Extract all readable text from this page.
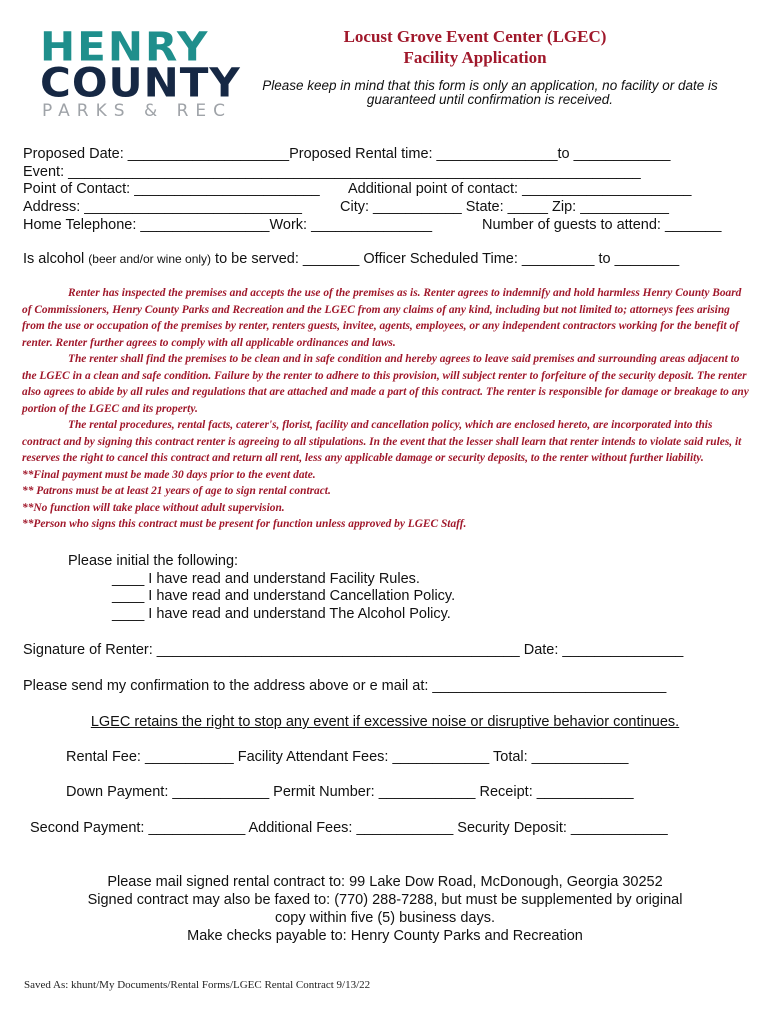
HENRY
COUNTY
PARKS & REC
Locust Grove Event Center (LGEC)
Facility Application
Please keep in mind that this form is only an application, no facility or date is guaranteed until confirmation is received.
Proposed Date: ____________________Proposed Rental time: _______________to ____________
Event: _______________________________________________________________________
Point of Contact: _______________________ Additional point of contact: _____________________
Address: ___________________________	City: ___________ State: _____ Zip: ___________
Home Telephone: ________________Work: _______________	Number of guests to attend: _______
Is alcohol (beer and/or wine only) to be served: _______ Officer Scheduled Time: _________ to ________

Renter has inspected the premises and accepts the use of the premises as is. Renter agrees to indemnify and hold harmless Henry County Board of Commissioners, Henry County Parks and Recreation and the LGEC from any claims of any kind, including but not limited to; attorneys fees arising from the use or occupation of the premises by renter, renters guests, invitee, agents, employees, or any independent contractors working for the benefit of renter. Renter further agrees to comply with all applicable ordinances and laws.

The renter shall find the premises to be clean and in safe condition and hereby agrees to leave said premises and surrounding areas adjacent to the LGEC in a clean and safe condition. Failure by the renter to adhere to this provision, will subject renter to forfeiture of the security deposit. The renter also agrees to abide by all rules and regulations that are attached and made a part of this contract. The renter is responsible for damage or breakage to any portion of the LGEC and its property.

The rental procedures, rental facts, caterer's, florist, facility and cancellation policy, which are enclosed hereto, are incorporated into this contract and by signing this contract renter is agreeing to all stipulations. In the event that the lesser shall learn that renter intends to violate said rules, it reserves the right to cancel this contract and return all rent, less any applicable damage or security deposits, to the renter without further liability.

**Final payment must be made 30 days prior to the event date.

** Patrons must be at least 21 years of age to sign rental contract.

**No function will take place without adult supervision.

**Person who signs this contract must be present for function unless approved by LGEC Staff.

Please initial the following:
____ I have read and understand Facility Rules.
____ I have read and understand Cancellation Policy.
____ I have read and understand The Alcohol Policy.
Signature of Renter: _____________________________________________ Date: _______________
Please send my confirmation to the address above or e mail at: _____________________________
LGEC retains the right to stop any event if excessive noise or disruptive behavior continues.
Rental Fee: ___________ Facility Attendant Fees: ____________ Total: ____________
Down Payment: ____________ Permit Number: ____________ Receipt: ____________
Second Payment: ____________ Additional Fees: ____________ Security Deposit: ____________
Please mail signed rental contract to: 99 Lake Dow Road, McDonough, Georgia 30252
Signed contract may also be faxed to: (770) 288-7288, but must be supplemented by original
copy within five (5) business days.
Make checks payable to: Henry County Parks and Recreation
Saved As: khunt/My Documents/Rental Forms/LGEC Rental Contract 9/13/22
